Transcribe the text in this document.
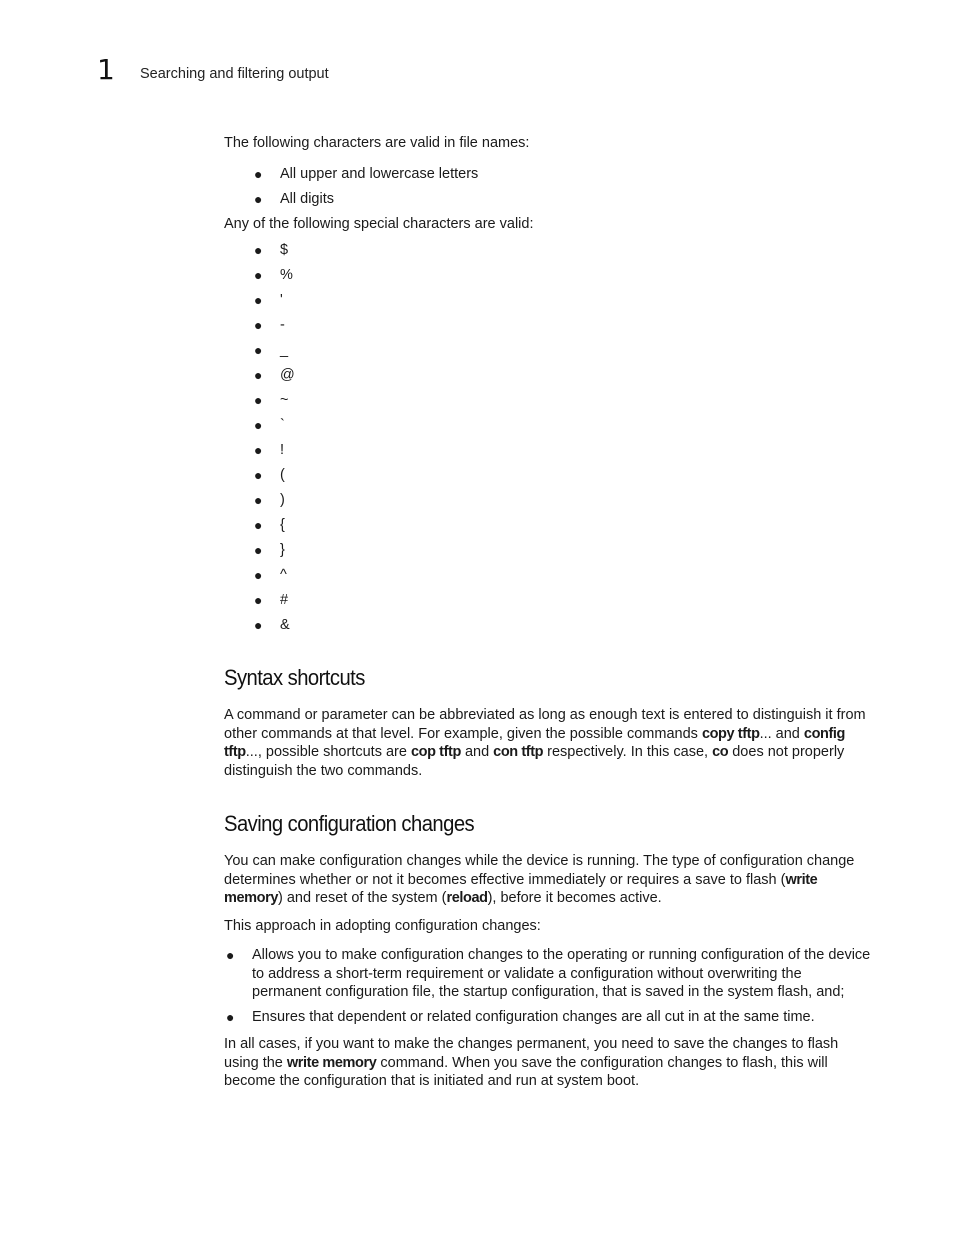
1 Searching and filtering output

The following characters are valid in file names:

● All upper and lowercase letters
● All digits

Any of the following special characters are valid:

● $
● %
● '
● -
● _
● @
● ~
● `
● !
● (
● )
● {
● }
● ^
● #
● &
Syntax shortcuts

A command or parameter can be abbreviated as long as enough text is entered to distinguish it from other commands at that level. For example, given the possible commands copy tftp... and config tftp..., possible shortcuts are cop tftp and con tftp respectively. In this case, co does not properly distinguish the two commands.

Saving configuration changes

You can make configuration changes while the device is running. The type of configuration change determines whether or not it becomes effective immediately or requires a save to flash (write memory) and reset of the system (reload), before it becomes active.

This approach in adopting configuration changes:

● Allows you to make configuration changes to the operating or running configuration of the device to address a short-term requirement or validate a configuration without overwriting the permanent configuration file, the startup configuration, that is saved in the system flash, and;
● Ensures that dependent or related configuration changes are all cut in at the same time.

In all cases, if you want to make the changes permanent, you need to save the changes to flash using the write memory command. When you save the configuration changes to flash, this will become the configuration that is initiated and run at system boot.
